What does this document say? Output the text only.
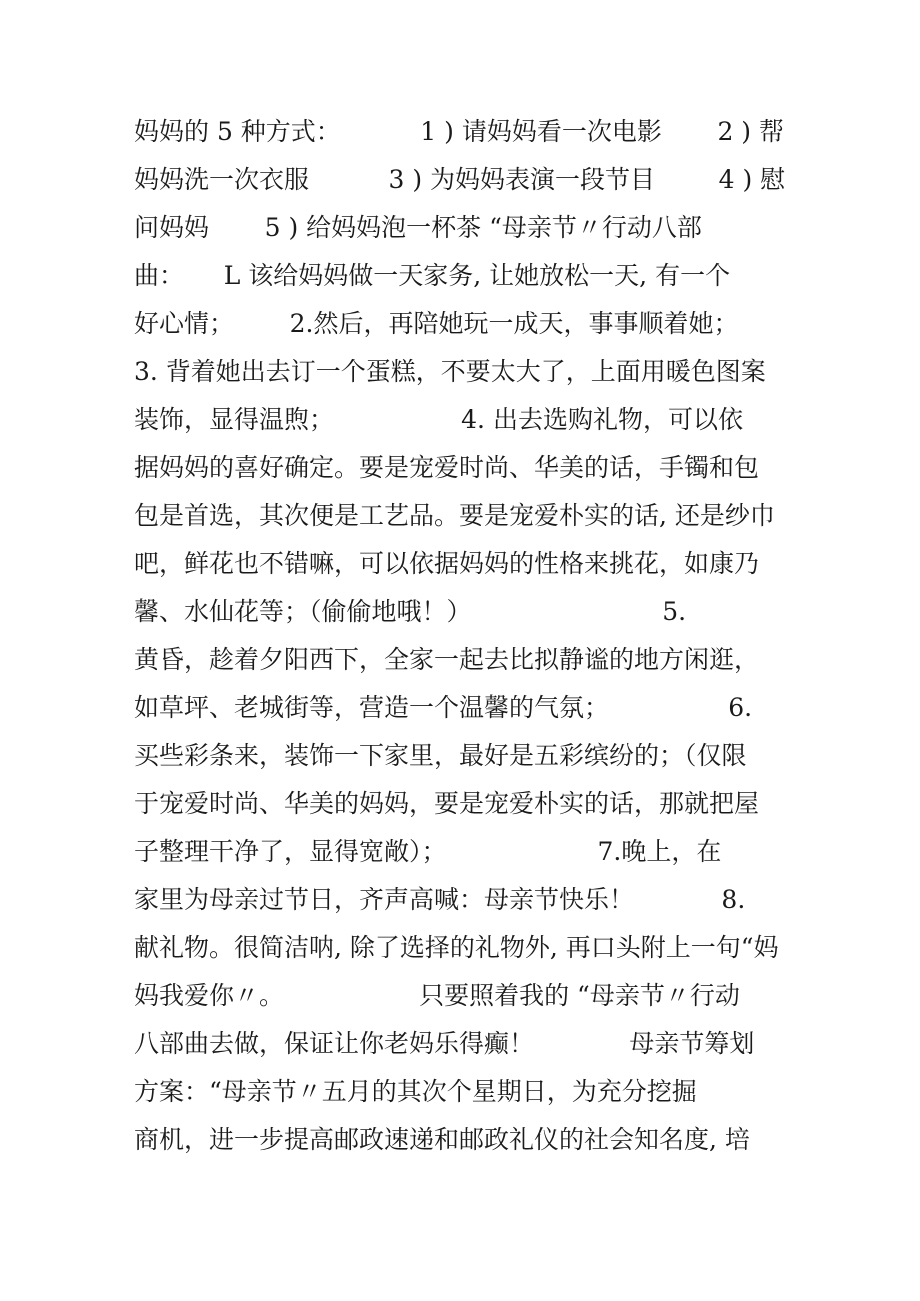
妈妈的 5 种方式：          1 ) 请妈妈看一次电影       2 ) 帮
妈妈洗一次衣服          3 ) 为妈妈表演一段节目        4 ) 慰
问妈妈       5 ) 给妈妈泡一杯茶 “母亲节〃行动八部
曲：     L 该给妈妈做一天家务, 让她放松一天, 有一个
好心情；       2.然后，再陪她玩一成天，事事顺着她；
3. 背着她出去订一个蛋糕，不要太大了，上面用暖色图案
装饰，显得温煦；                4. 出去选购礼物，可以依
据妈妈的喜好确定。要是宠爱时尚、华美的话，手镯和包
包是首选，其次便是工艺品。要是宠爱朴实的话, 还是纱巾
吧，鲜花也不错嘛，可以依据妈妈的性格来挑花，如康乃
馨、水仙花等；（偷偷地哦！）                        5.
黄昏，趁着夕阳西下，全家一起去比拟静谧的地方闲逛，
如草坪、老城街等，营造一个温馨的气氛；               6.
买些彩条来，装饰一下家里，最好是五彩缤纷的；（仅限
于宠爱时尚、华美的妈妈，要是宠爱朴实的话，那就把屋
子整理干净了，显得宽敞）；                   7.晚上，在
家里为母亲过节日，齐声高喊：母亲节快乐！           8.
献礼物。很简洁呐, 除了选择的礼物外, 再口头附上一句“妈
妈我爱你〃。                 只要照着我的 “母亲节〃行动
八部曲去做，保证让你老妈乐得癫！            母亲节筹划
方案：“母亲节〃五月的其次个星期日，为充分挖掘
商机，进一步提高邮政速递和邮政礼仪的社会知名度, 培
